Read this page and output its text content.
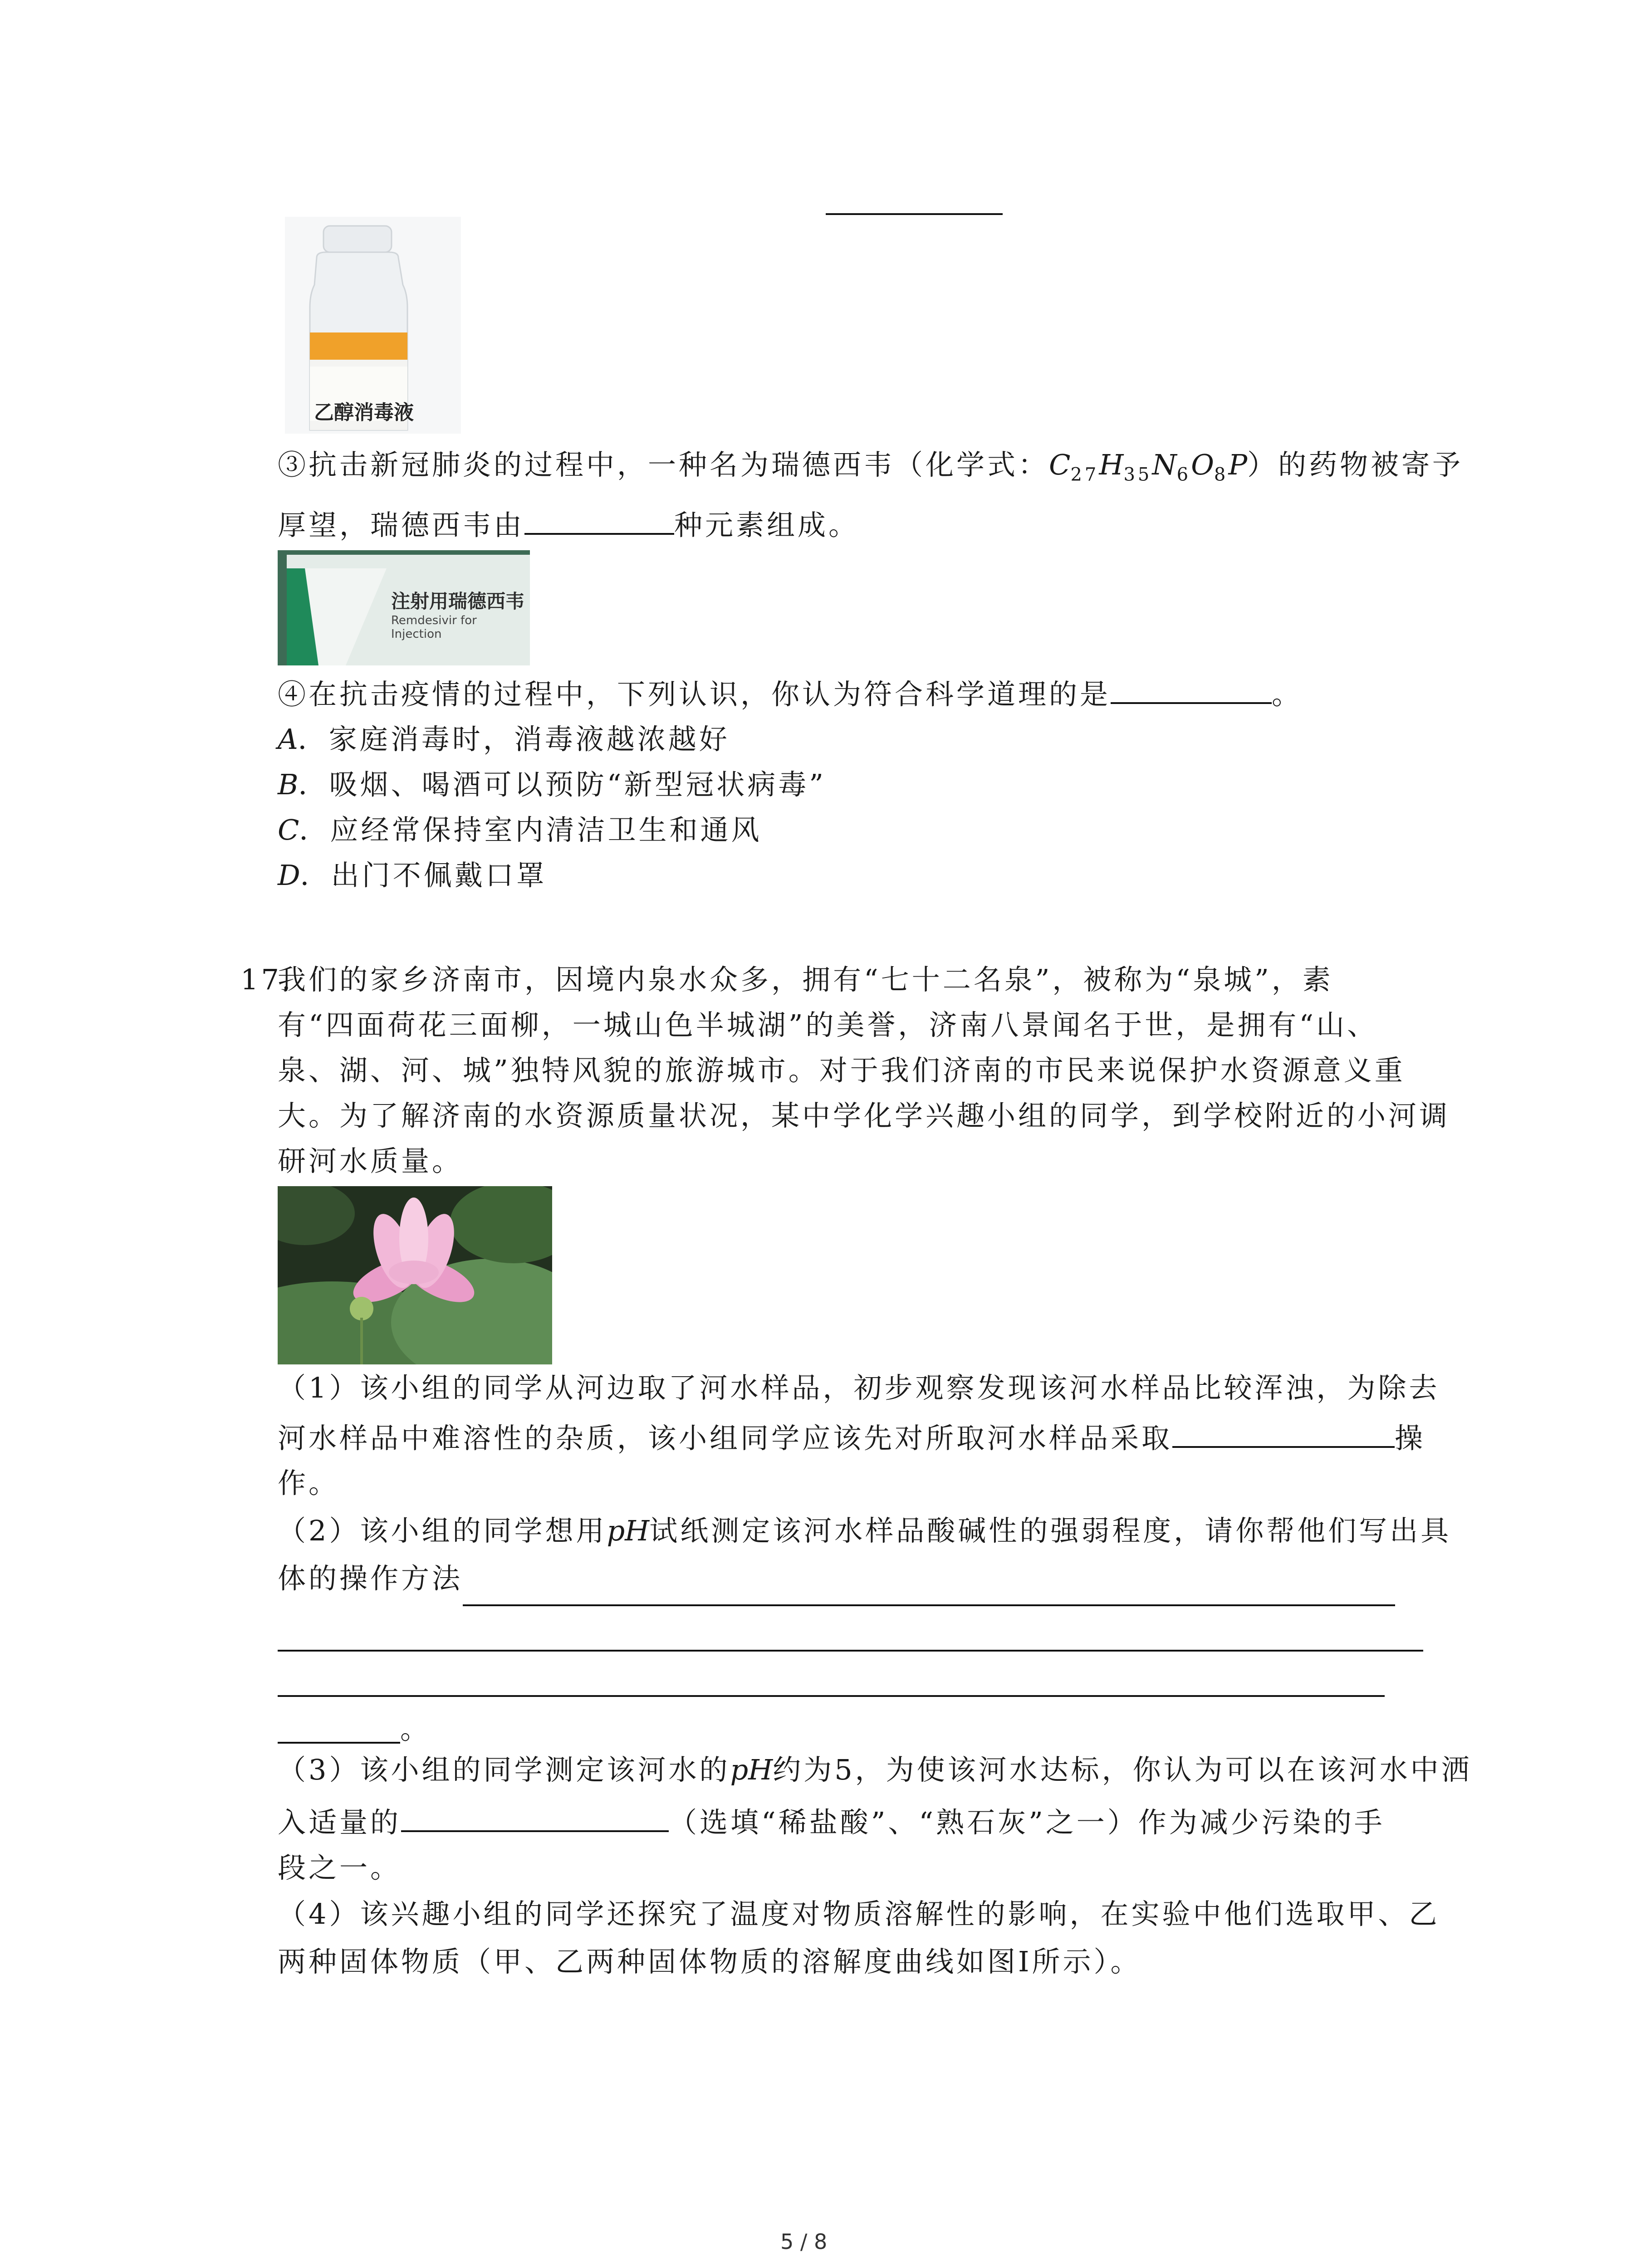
乙醇消毒液
③抗击新冠肺炎的过程中，一种名为瑞德西韦（化学式：$C_{27}H_{35}N_6O_8P$）的药物被寄予
厚望，瑞德西韦由	种元素组成。
注射用瑞德西韦
Remdesivir for Injection
④在抗击疫情的过程中，下列认识，你认为符合科学道理的是	。
A．家庭消毒时，消毒液越浓越好
B．吸烟、喝酒可以预防“新型冠状病毒”
C．应经常保持室内清洁卫生和通风
D．出门不佩戴口罩
17.
我们的家乡济南市，因境内泉水众多，拥有“七十二名泉”，被称为“泉城”，素
有“四面荷花三面柳，一城山色半城湖”的美誉，济南八景闻名于世，是拥有“山、
泉、湖、河、城”独特风貌的旅游城市。对于我们济南的市民来说保护水资源意义重
大。为了解济南的水资源质量状况，某中学化学兴趣小组的同学，到学校附近的小河调
研河水质量。
（1）该小组的同学从河边取了河水样品，初步观察发现该河水样品比较浑浊，为除去
河水样品中难溶性的杂质，该小组同学应该先对所取河水样品采取	操
作。
（2）该小组的同学想用pH试纸测定该河水样品酸碱性的强弱程度，请你帮他们写出具
体的操作方法
。
（3）该小组的同学测定该河水的pH约为5，为使该河水达标，你认为可以在该河水中洒
入适量的	（选填“稀盐酸”、“熟石灰”之一）作为减少污染的手
段之一。
（4）该兴趣小组的同学还探究了温度对物质溶解性的影响，在实验中他们选取甲、乙
两种固体物质（甲、乙两种固体物质的溶解度曲线如图Ⅰ所示）。
5 / 8
